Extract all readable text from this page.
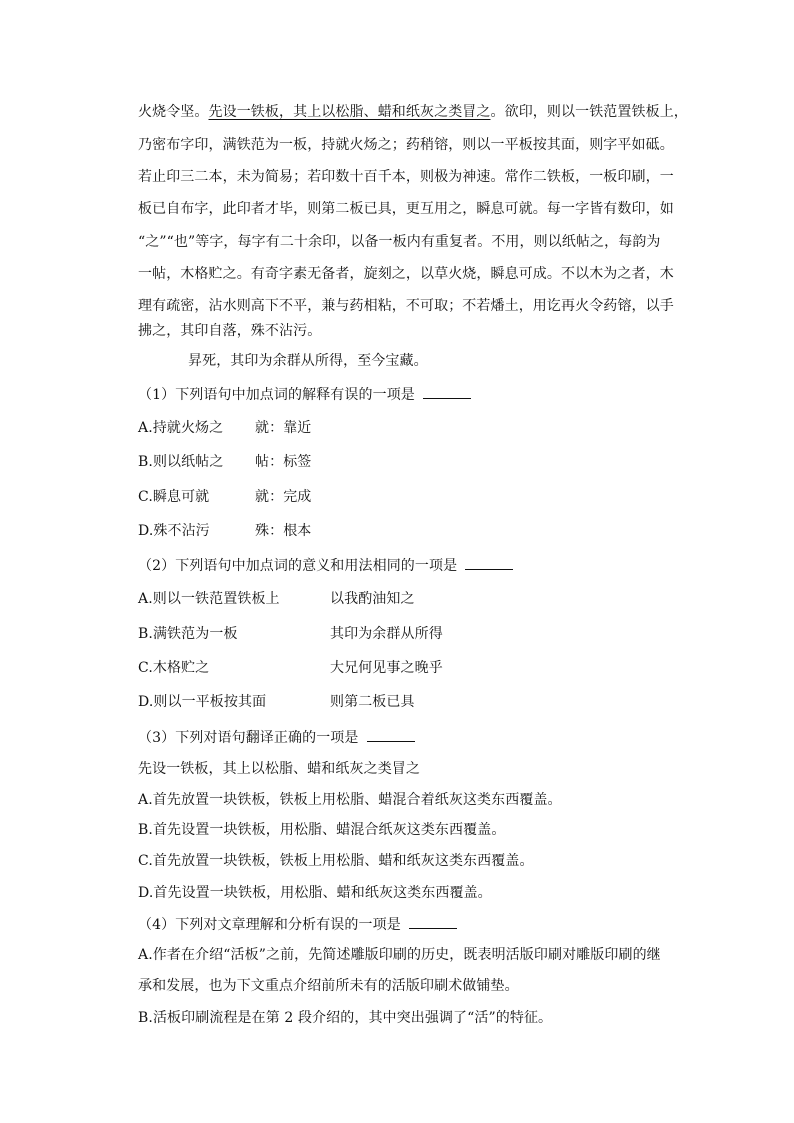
火烧令坚。先设一铁板，其上以松脂、蜡和纸灰之类冒之。欲印，则以一铁范置铁板上，
乃密布字印，满铁范为一板，持就火炀之；药稍镕，则以一平板按其面，则字平如砥。
若止印三二本，未为简易；若印数十百千本，则极为神速。常作二铁板，一板印刷，一
板已自布字，此印者才毕，则第二板已具，更互用之，瞬息可就。每一字皆有数印，如
“之”“也”等字，每字有二十余印，以备一板内有重复者。不用，则以纸帖之，每韵为
一帖，木格贮之。有奇字素无备者，旋刻之，以草火烧，瞬息可成。不以木为之者，木
理有疏密，沾水则高下不平，兼与药相粘，不可取；不若燔土，用讫再火令药镕，以手
拂之，其印自落，殊不沾污。
昇死，其印为余群从所得，至今宝藏。
（1）下列语句中加点词的解释有误的一项是
A.持就火炀之 就：靠近
B.则以纸帖之 帖：标签
C.瞬息可就	就：完成
D.殊不沾污	殊：根本
（2）下列语句中加点词的意义和用法相同的一项是
A.则以一铁范置铁板上	以我酌油知之
B.满铁范为一板	其印为余群从所得
C.木格贮之	大兄何见事之晚乎
D.则以一平板按其面	则第二板已具
（3）下列对语句翻译正确的一项是
先设一铁板，其上以松脂、蜡和纸灰之类冒之
A.首先放置一块铁板，铁板上用松脂、蜡混合着纸灰这类东西覆盖。
B.首先设置一块铁板，用松脂、蜡混合纸灰这类东西覆盖。
C.首先放置一块铁板，铁板上用松脂、蜡和纸灰这类东西覆盖。
D.首先设置一块铁板，用松脂、蜡和纸灰这类东西覆盖。
（4）下列对文章理解和分析有误的一项是
A.作者在介绍“活板”之前，先简述雕版印刷的历史，既表明活版印刷对雕版印刷的继
承和发展，也为下文重点介绍前所未有的活版印刷术做铺垫。
B.活板印刷流程是在第 2 段介绍的，其中突出强调了“活”的特征。
